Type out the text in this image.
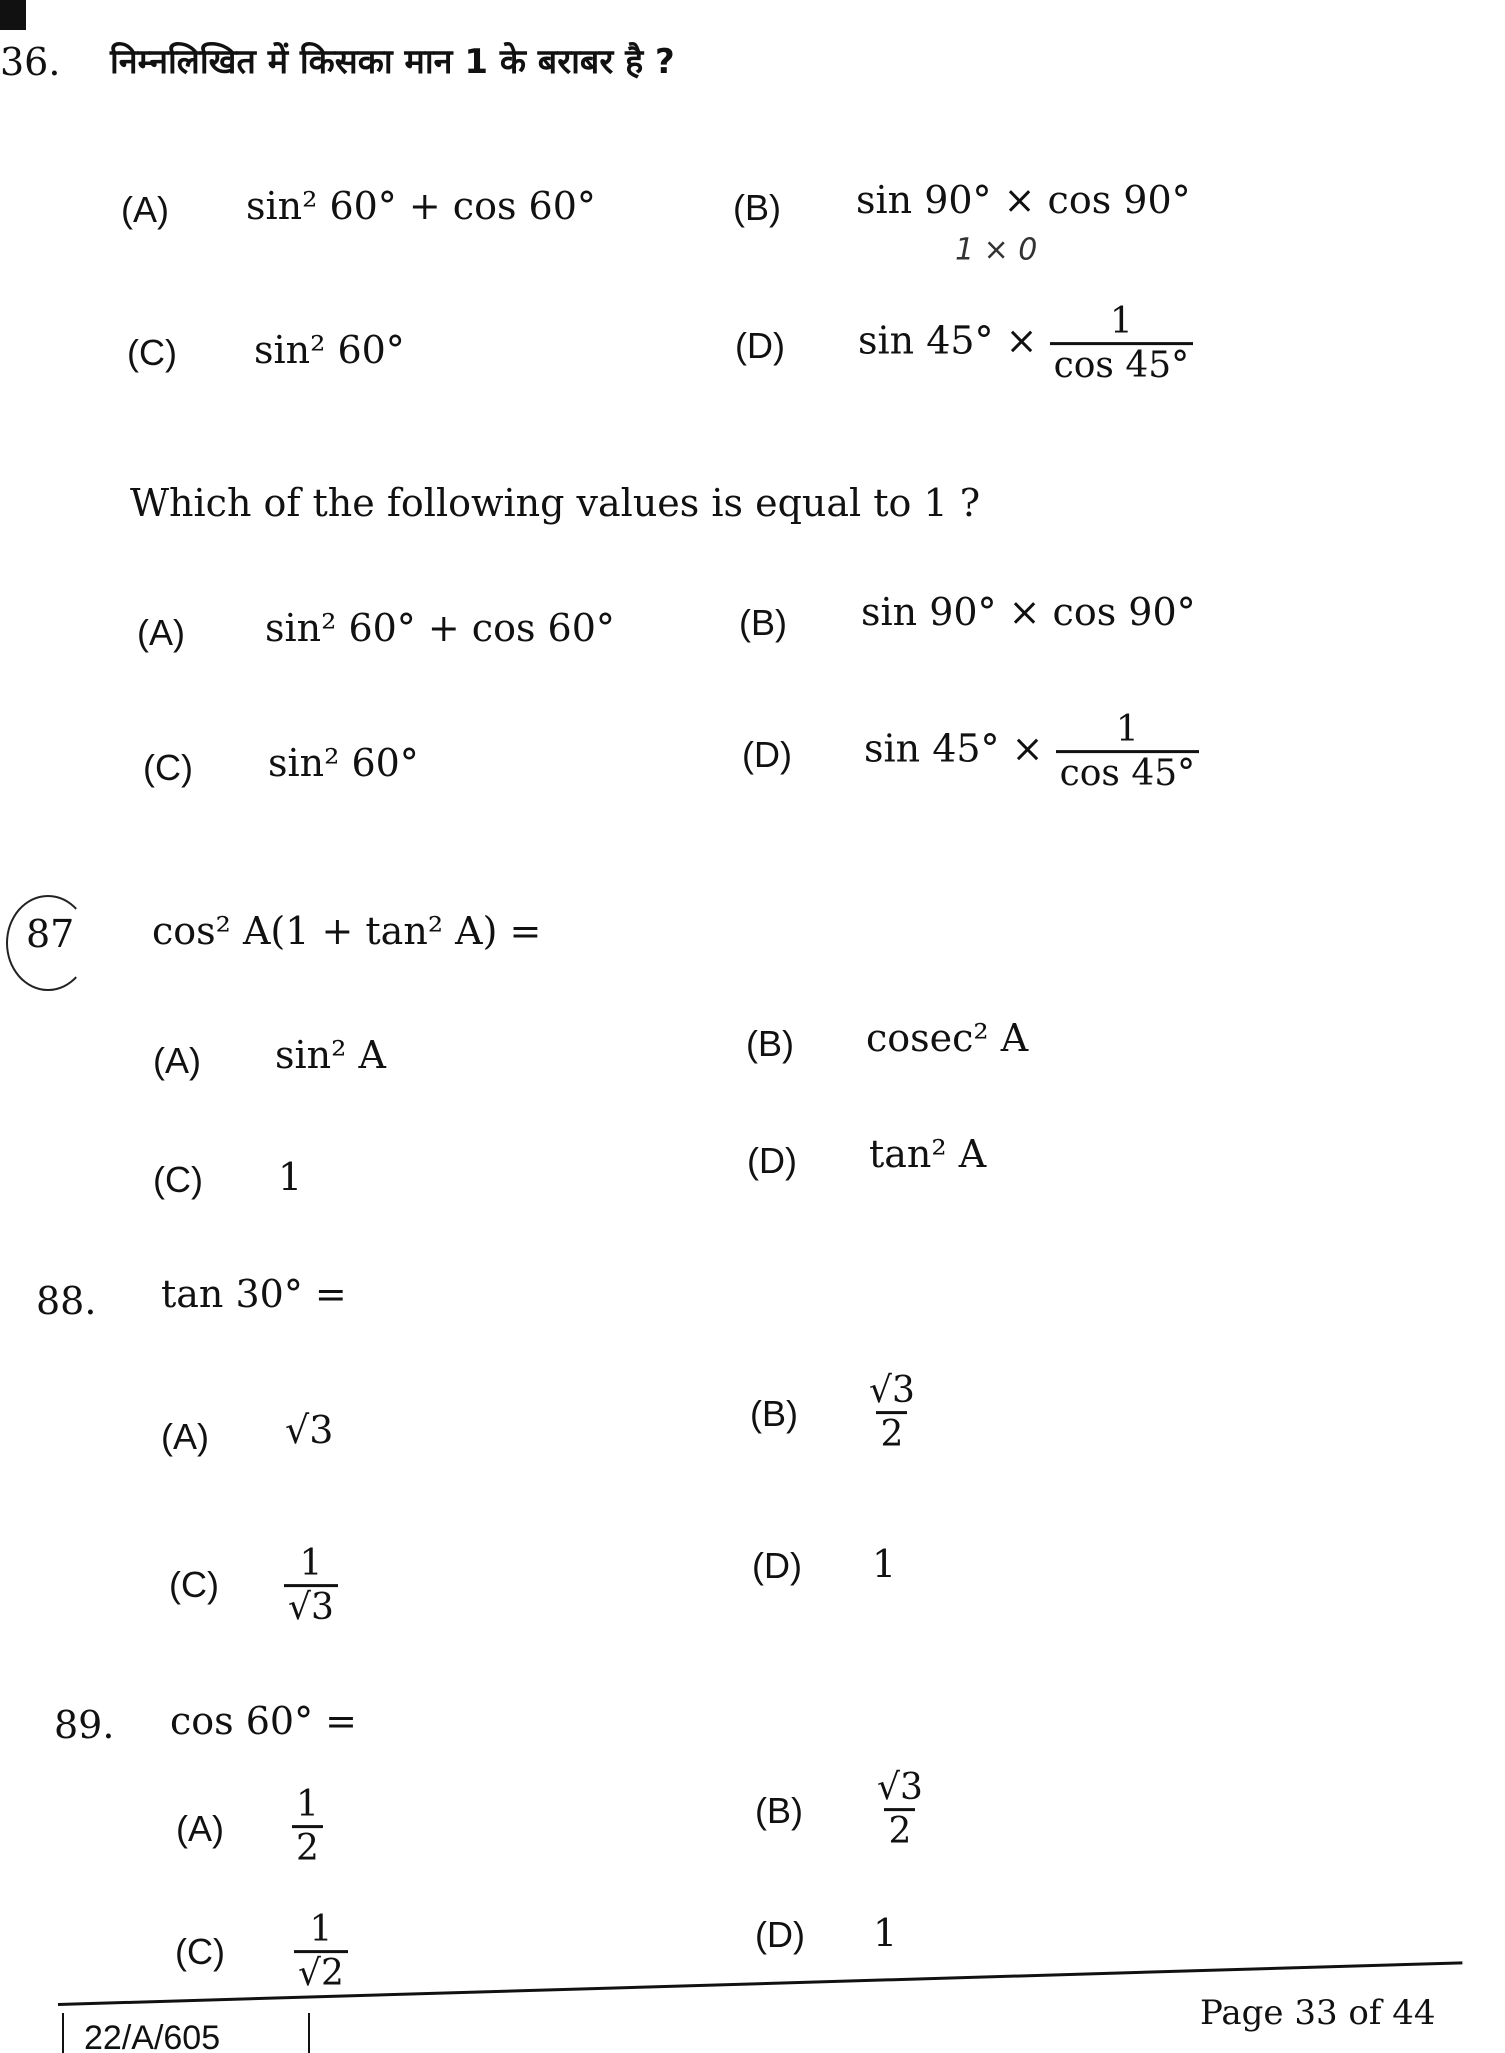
36. निम्नलिखित में किसका मान 1 के बराबर है ?
(A) sin² 60° + cos 60°	(B) sin 90° × cos 90°
1 × 0
(C) sin² 60°	(D) $\sin 45^\circ \times \frac{1}{\cos 45^\circ}$
Which of the following values is equal to 1 ?
(A) sin² 60° + cos 60°	(B) sin 90° × cos 90°
(C) sin² 60°	(D) $\sin 45^\circ \times \frac{1}{\cos 45^\circ}$
87 cos² A(1 + tan² A) =
(A) sin² A	(B) cosec² A
(C) 1	(D) tan² A
88. tan 30° =
(A) √3	$(B) \frac{√3}{2}$
$(C) \frac{1}{√3}$	(D) 1
89. cos 60° =
$(A) \frac{1}{2}$	$(B) \frac{√3}{2}$
$(C) \frac{1}{√2}$	(D) 1
22/A/605
Page 33 of 44
